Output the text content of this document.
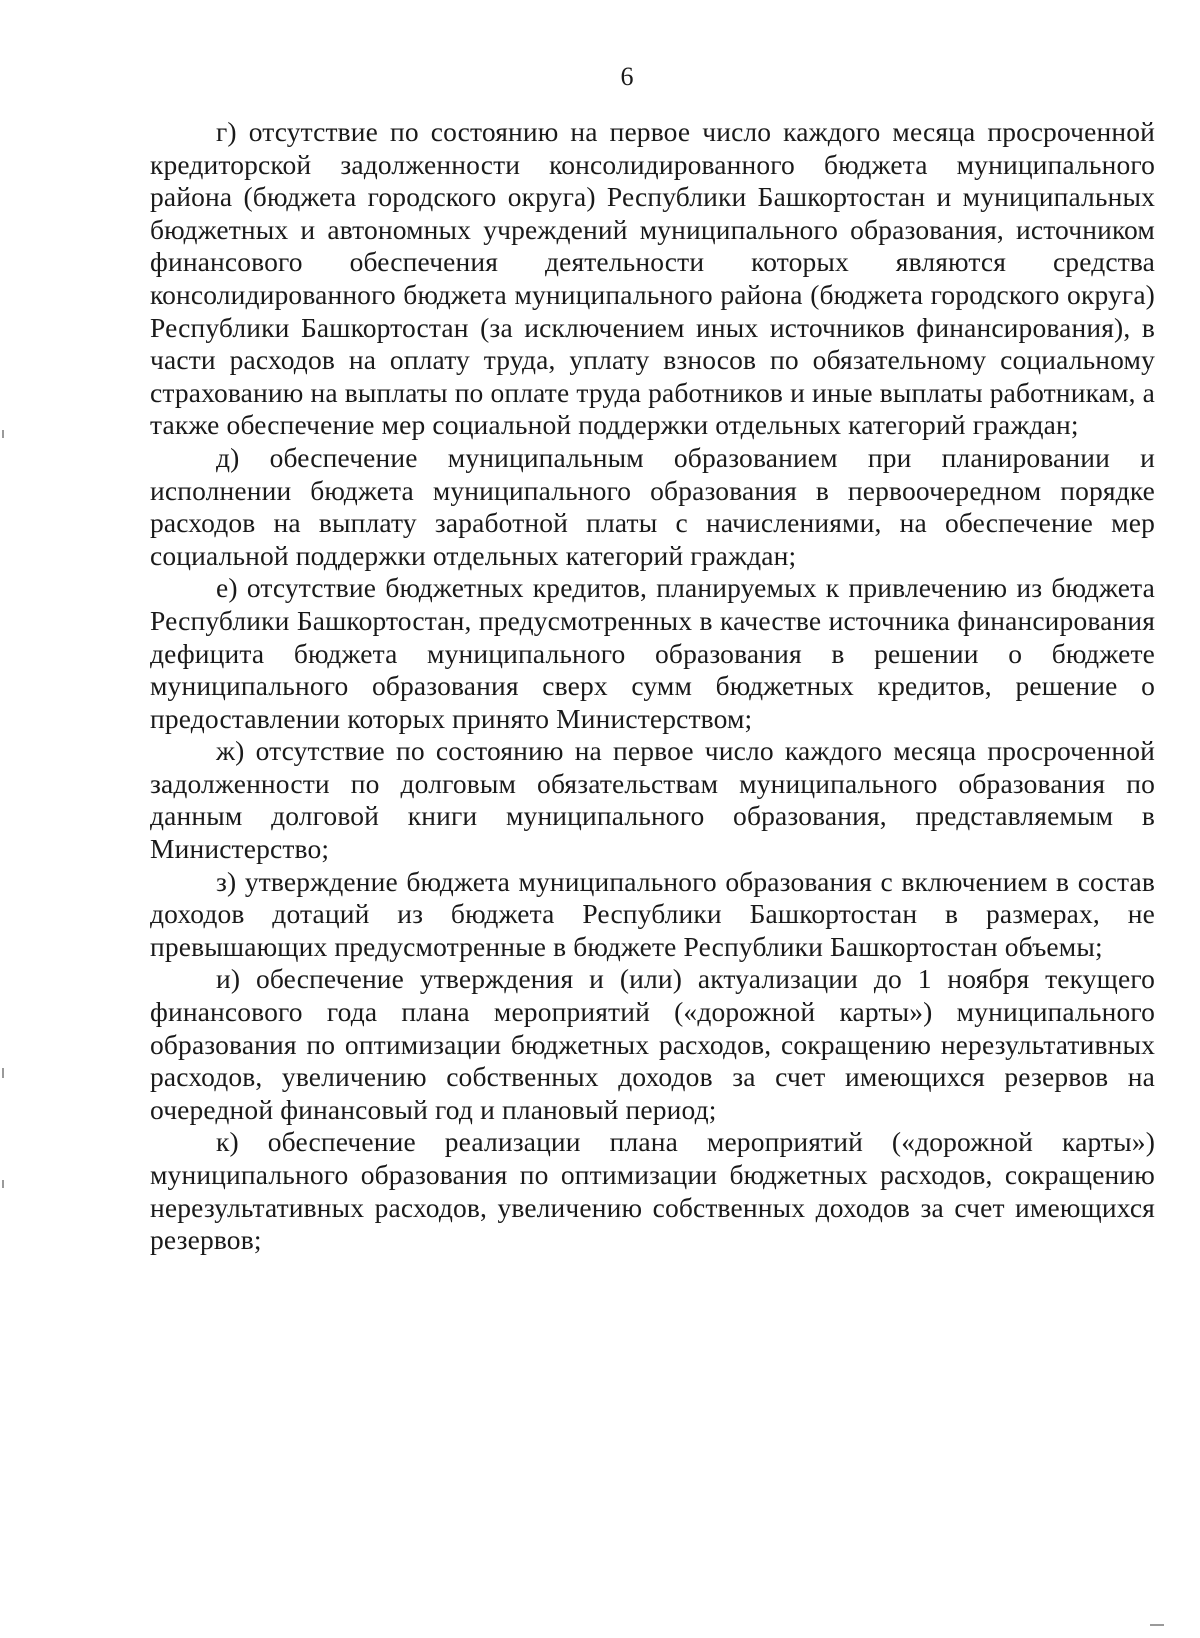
6

г) отсутствие по состоянию на первое число каждого месяца просроченной кредиторской задолженности консолидированного бюджета муниципального района (бюджета городского округа) Республики Башкортостан и муниципальных бюджетных и автономных учреждений муниципального образования, источником финансового обеспечения деятельности которых являются средства консолидированного бюджета муниципального района (бюджета городского округа) Республики Башкортостан (за исключением иных источников финансирования), в части расходов на оплату труда, уплату взносов по обязательному социальному страхованию на выплаты по оплате труда работников и иные выплаты работникам, а также обеспечение мер социальной поддержки отдельных категорий граждан;

д) обеспечение муниципальным образованием при планировании и исполнении бюджета муниципального образования в первоочередном порядке расходов на выплату заработной платы с начислениями, на обеспечение мер социальной поддержки отдельных категорий граждан;

е) отсутствие бюджетных кредитов, планируемых к привлечению из бюджета Республики Башкортостан, предусмотренных в качестве источника финансирования дефицита бюджета муниципального образования в решении о бюджете муниципального образования сверх сумм бюджетных кредитов, решение о предоставлении которых принято Министерством;

ж) отсутствие по состоянию на первое число каждого месяца просроченной задолженности по долговым обязательствам муниципального образования по данным долговой книги муниципального образования, представляемым в Министерство;

з) утверждение бюджета муниципального образования с включением в состав доходов дотаций из бюджета Республики Башкортостан в размерах, не превышающих предусмотренные в бюджете Республики Башкортостан объемы;

и) обеспечение утверждения и (или) актуализации до 1 ноября текущего финансового года плана мероприятий («дорожной карты») муниципального образования по оптимизации бюджетных расходов, сокращению нерезультативных расходов, увеличению собственных доходов за счет имеющихся резервов на очередной финансовый год и плановый период;

к) обеспечение реализации плана мероприятий («дорожной карты») муниципального образования по оптимизации бюджетных расходов, сокращению нерезультативных расходов, увеличению собственных доходов за счет имеющихся резервов;
